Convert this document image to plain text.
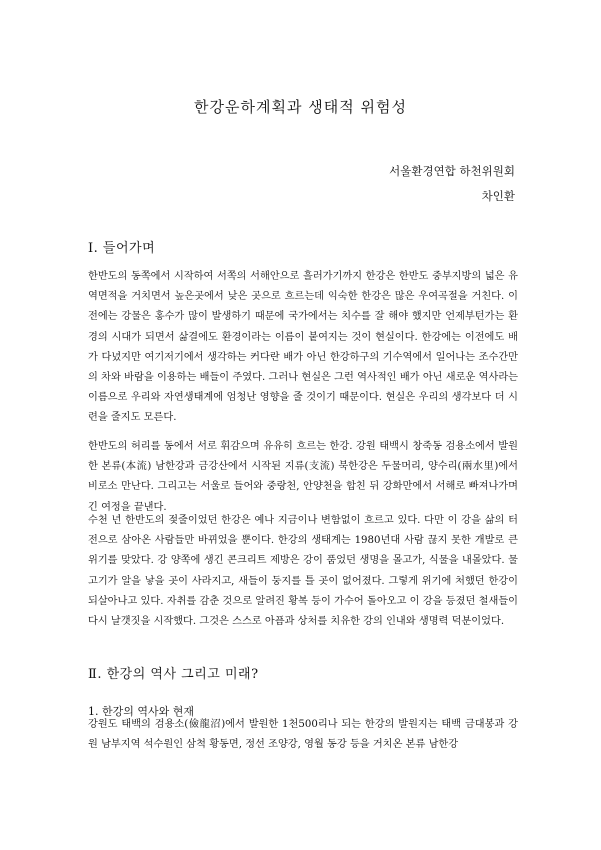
한강운하계획과 생태적 위험성
서울환경연합 하천위원회
차인환
Ⅰ. 들어가며
한반도의 동쪽에서 시작하여 서쪽의 서해안으로 흘러가기까지 한강은 한반도 중부지방의 넓은 유역면적을 거치면서 높은곳에서 낮은 곳으로 흐르는데 익숙한 한강은 많은 우여곡절을 거친다. 이전에는 강물은 홍수가 많이 발생하기 때문에 국가에서는 치수를 잘 해야 했지만 언제부턴가는 환경의 시대가 되면서 삶결에도 환경이라는 이름이 붙여지는 것이 현실이다. 한강에는 이전에도 배가 다녔지만 여기저기에서 생각하는 커다란 배가 아닌 한강하구의 기수역에서 일어나는 조수간만의 차와 바람을 이용하는 배들이 주였다. 그러나 현실은 그런 역사적인 배가 아닌 새로운 역사라는 이름으로 우리와 자연생태계에 엄청난 영향을 줄 것이기 때문이다. 현실은 우리의 생각보다 더 시련을 줄지도 모른다.
한반도의 허리를 동에서 서로 휘감으며 유유히 흐르는 한강. 강원 태백시 창죽동 검용소에서 발원한 본류(本流) 남한강과 금강산에서 시작된 지류(支流) 북한강은 두물머리, 양수리(兩水里)에서 비로소 만난다. 그리고는 서울로 들어와 중랑천, 안양천을 합친 뒤 강화만에서 서해로 빠져나가며 긴 여정을 끝낸다.
수천 년 한반도의 젖줄이었던 한강은 예나 지금이나 변함없이 흐르고 있다. 다만 이 강을 삶의 터전으로 삼아온 사람들만 바뀌었을 뿐이다. 한강의 생태계는 1980년대 사람 끊지 못한 개발로 큰 위기를 맞았다. 강 양쪽에 생긴 콘크리트 제방은 강이 품었던 생명을 몰고가, 식물을 내몰았다. 물고기가 알을 낳을 곳이 사라지고, 새들이 둥지를 틀 곳이 없어졌다. 그렇게 위기에 처했던 한강이 되살아나고 있다. 자취를 감춘 것으로 알려진 황복 등이 가수어 돌아오고 이 강을 등졌던 철새들이 다시 날갯짓을 시작했다. 그것은 스스로 아픔과 상처를 치유한 강의 인내와 생명력 덕분이었다.
Ⅱ. 한강의 역사 그리고 미래?
1. 한강의 역사와 현재
강원도 태백의 검용소(儉龍沼)에서 발원한 1천500리나 되는 한강의 발원지는 태백 금대봉과 강원 남부지역 석수원인 삼척 황동면, 정선 조양강, 영월 동강 등을 거치온 본류 남한강
